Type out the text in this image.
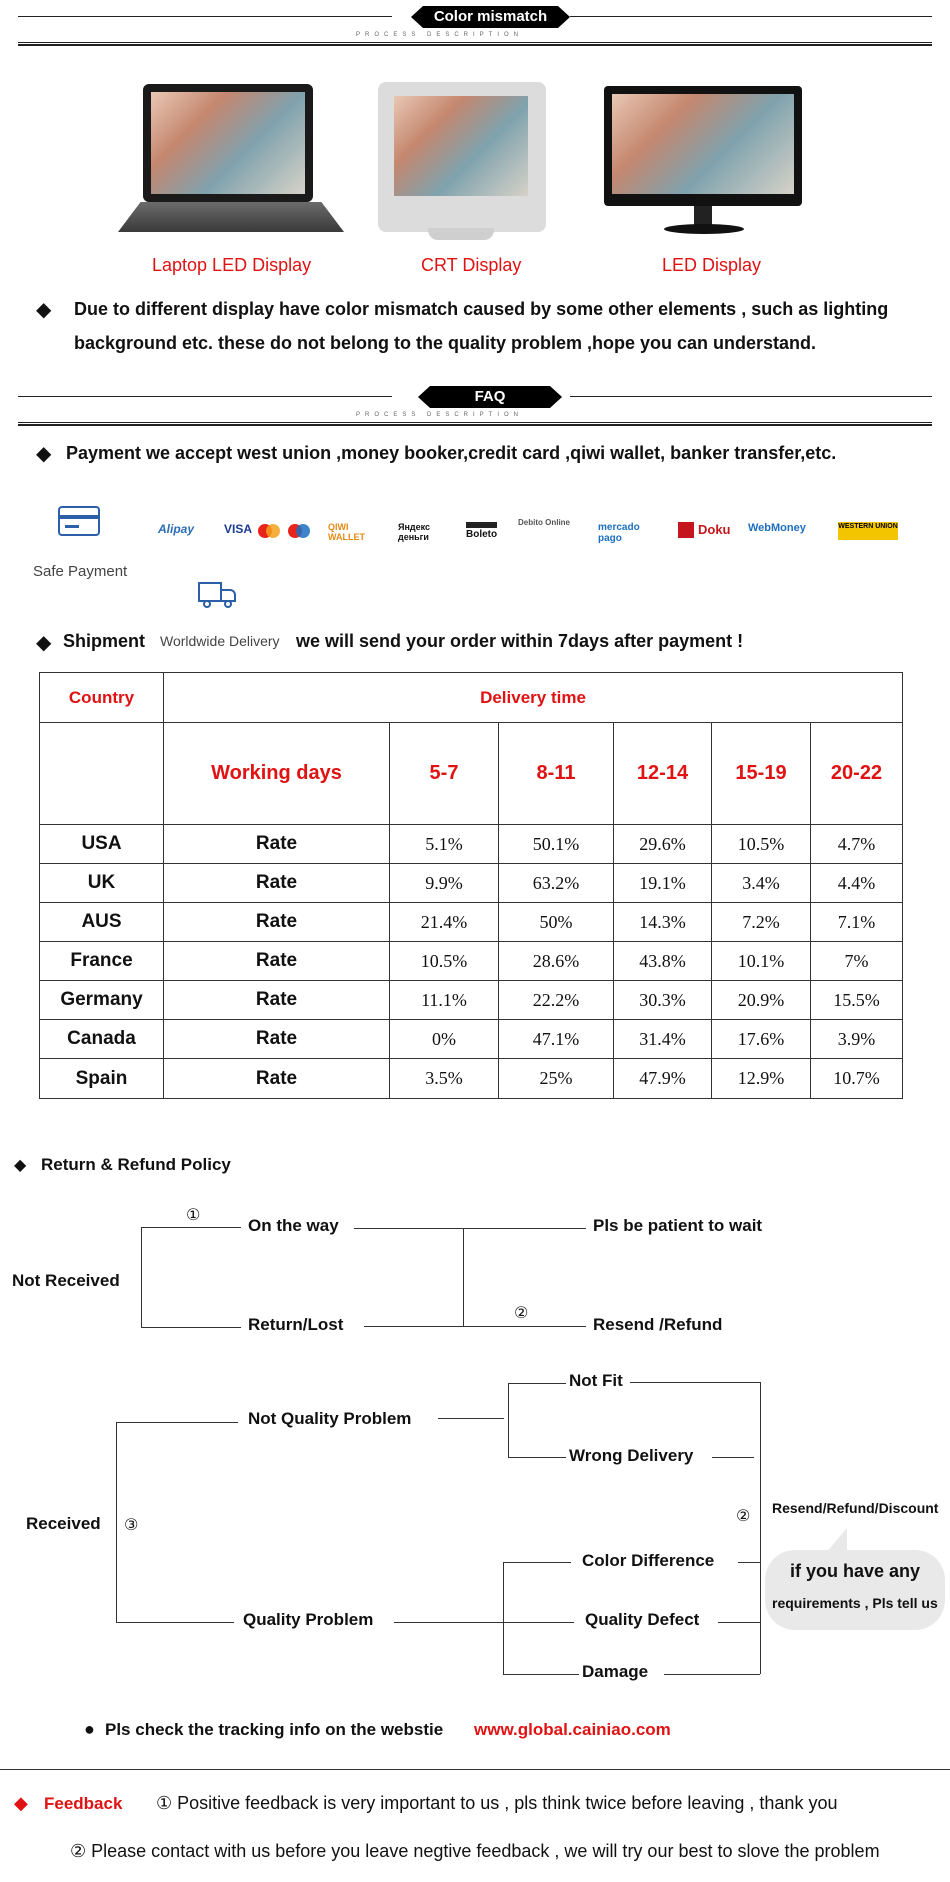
Color mismatch
PROCESS DESCRIPTION
Laptop LED Display	CRT Display	LED Display
◆ Due to different display have color mismatch caused by some other elements , such as lighting
background etc. these do not belong to the quality problem ,hope you can understand.
FAQ
PROCESS DESCRIPTION
◆ Payment we accept west union ,money booker,credit card ,qiwi wallet, banker transfer,etc.
Safe Payment
Alipay VISA	QIWI WALLET
Яндекс деньги	Boleto
Debito Online	mercado pago
Doku WebMoney	WESTERN UNION
◆ Shipment Worldwide Delivery we will send your order within 7days after payment !
Country	Delivery time					
	Working days	5-7	8-11	12-14	15-19	20-22
USA	Rate	5.1%	50.1%	29.6%	10.5%	4.7%
UK	Rate	9.9%	63.2%	19.1%	3.4%	4.4%
AUS	Rate	21.4%	50%	14.3%	7.2%	7.1%
France	Rate	10.5%	28.6%	43.8%	10.1%	7%
Germany	Rate	11.1%	22.2%	30.3%	20.9%	15.5%
Canada	Rate	0%	47.1%	31.4%	17.6%	3.9%
Spain	Rate	3.5%	25%	47.9%	12.9%	10.7%
◆ Return & Refund Policy
Not Received
①
On the way
Return/Lost
②
Pls be patient to wait
Resend /Refund
Received ③
Not Quality Problem
Quality Problem
Not Fit
Wrong Delivery
Color Difference
Quality Defect
Damage
② Resend/Refund/Discount
if you have any
requirements , Pls tell us
● Pls check the tracking info on the webstie www.global.cainiao.com
◆ Feedback ① Positive feedback is very important to us , pls think twice before leaving , thank you
② Please contact with us before you leave negtive feedback , we will try our best to slove the problem
